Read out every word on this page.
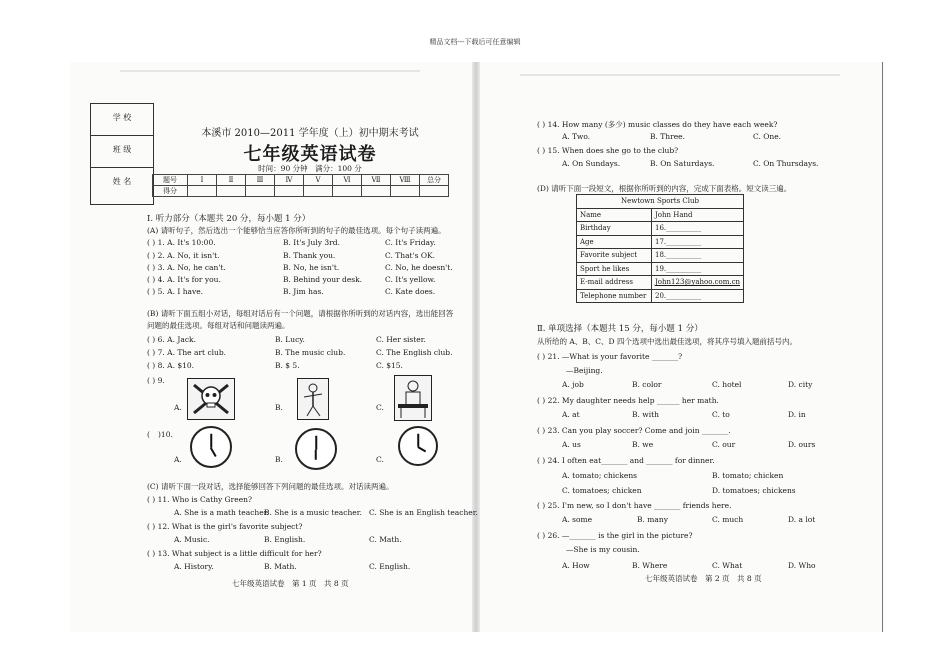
精品文档---下载后可任意编辑
学 校
班 级
姓 名
本溪市 2010—2011 学年度（上）初中期末考试
七年级英语试卷
时间：90 分钟　满分：100 分
题号	Ⅰ	Ⅱ	Ⅲ	Ⅳ	Ⅴ	Ⅵ	Ⅶ	Ⅷ	总分
得分									
Ⅰ. 听力部分（本题共 20 分，每小题 1 分）
(A) 请听句子，然后选出一个能够恰当应答你所听到的句子的最佳选项。每个句子读两遍。
( ) 1. A. It's 10:00.	B. It's July 3rd.	C. It's Friday.
( ) 2. A. No, it isn't.	B. Thank you.	C. That's OK.
( ) 3. A. No, he can't.	B. No, he isn't.	C. No, he doesn't.
( ) 4. A. It's for you.	B. Behind your desk.	C. It's yellow.
( ) 5. A. I have.	B. Jim has.	C. Kate does.
(B) 请听下面五组小对话，每组对话后有一个问题，请根据你所听到的对话内容，选出能回答
问题的最佳选项。每组对话和问题读两遍。
( ) 6. A. Jack.	B. Lucy.	C. Her sister.
( ) 7. A. The art club.	B. The music club.	C. The English club.
( ) 8. A. $10.	B. $ 5.	C. $15.
( ) 9.
A.	B.	C.
( )10.
A.	B.	C.
(C) 请听下面一段对话，选择能够回答下列问题的最佳选项。对话读两遍。
( ) 11. Who is Cathy Green?
A. She is a math teacher.
B. She is a music teacher. C. She is an English teacher.
( ) 12. What is the girl's favorite subject?
A. Music.	B. English.	C. Math.
( ) 13. What subject is a little difficult for her?
A. History.	B. Math.	C. English.
七年级英语试卷　第 1 页　共 8 页
( ) 14. How many (多少) music classes do they have each week?
A. Two.	B. Three.	C. One.
( ) 15. When does she go to the club?
A. On Sundays.	B. On Saturdays.	C. On Thursdays.
(D) 请听下面一段短文，根据你所听到的内容，完成下面表格。短文读三遍。
Newtown Sports Club	
Name	John Hand
Birthday	16.__________
Age	17.__________
Favorite subject	18.__________
Sport he likes	19.__________
E-mail address	John123@yahoo.com.cn
Telephone number	20.__________
Ⅱ. 单项选择（本题共 15 分，每小题 1 分）
从所给的 A、B、C、D 四个选项中选出最佳选项，将其序号填入题前括号内。
( ) 21. —What is your favorite _______?
—Beijing.
A. job	B. color	C. hotel	D. city
( ) 22. My daughter needs help ______ her math.
A. at	B. with	C. to	D. in
( ) 23. Can you play soccer? Come and join _______.
A. us	B. we	C. our	D. ours
( ) 24. I often eat_______ and _______ for dinner.
A. tomato; chickens	B. tomato; chicken
C. tomatoes; chicken	D. tomatoes; chickens
( ) 25. I'm new, so I don't have _______ friends here.
A. some	B. many	C. much	D. a lot
( ) 26. —_______ is the girl in the picture?
—She is my cousin.
A. How	B. Where	C. What	D. Who
七年级英语试卷　第 2 页　共 8 页
